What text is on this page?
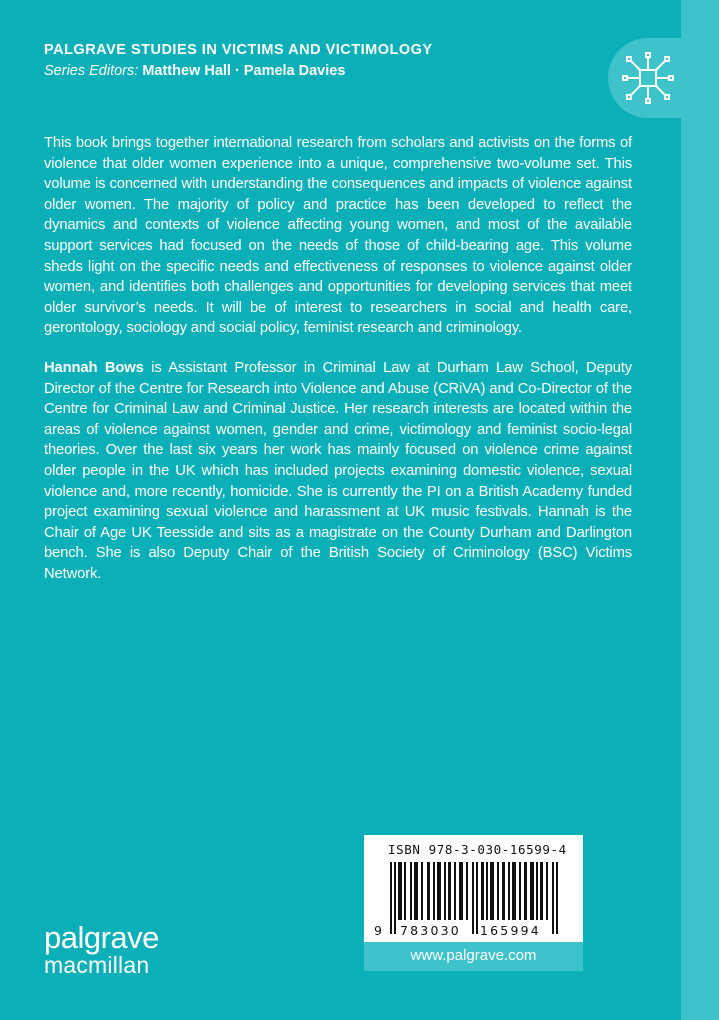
PALGRAVE STUDIES IN VICTIMS AND VICTIMOLOGY
Series Editors: Matthew Hall · Pamela Davies
This book brings together international research from scholars and activists on the forms of violence that older women experience into a unique, comprehensive two-volume set. This volume is concerned with understanding the consequences and impacts of violence against older women. The majority of policy and practice has been developed to reflect the dynamics and contexts of violence affecting young women, and most of the available support services had focused on the needs of those of child-bearing age. This volume sheds light on the specific needs and effectiveness of responses to violence against older women, and identifies both challenges and opportunities for developing services that meet older survivor’s needs. It will be of interest to researchers in social and health care, gerontology, sociology and social policy, feminist research and criminology.
Hannah Bows is Assistant Professor in Criminal Law at Durham Law School, Deputy Director of the Centre for Research into Violence and Abuse (CRiVA) and Co-Director of the Centre for Criminal Law and Criminal Justice. Her research interests are located within the areas of violence against women, gender and crime, victimology and feminist socio-legal theories. Over the last six years her work has mainly focused on violence crime against older people in the UK which has included projects examining domestic violence, sexual violence and, more recently, homicide. She is currently the PI on a British Academy funded project examining sexual violence and harassment at UK music festivals. Hannah is the Chair of Age UK Teesside and sits as a magistrate on the County Durham and Darlington bench. She is also Deputy Chair of the British Society of Criminology (BSC) Victims Network.
ISBN 978-3-030-16599-4
9 783030 165994
www.palgrave.com
palgrave
macmillan
